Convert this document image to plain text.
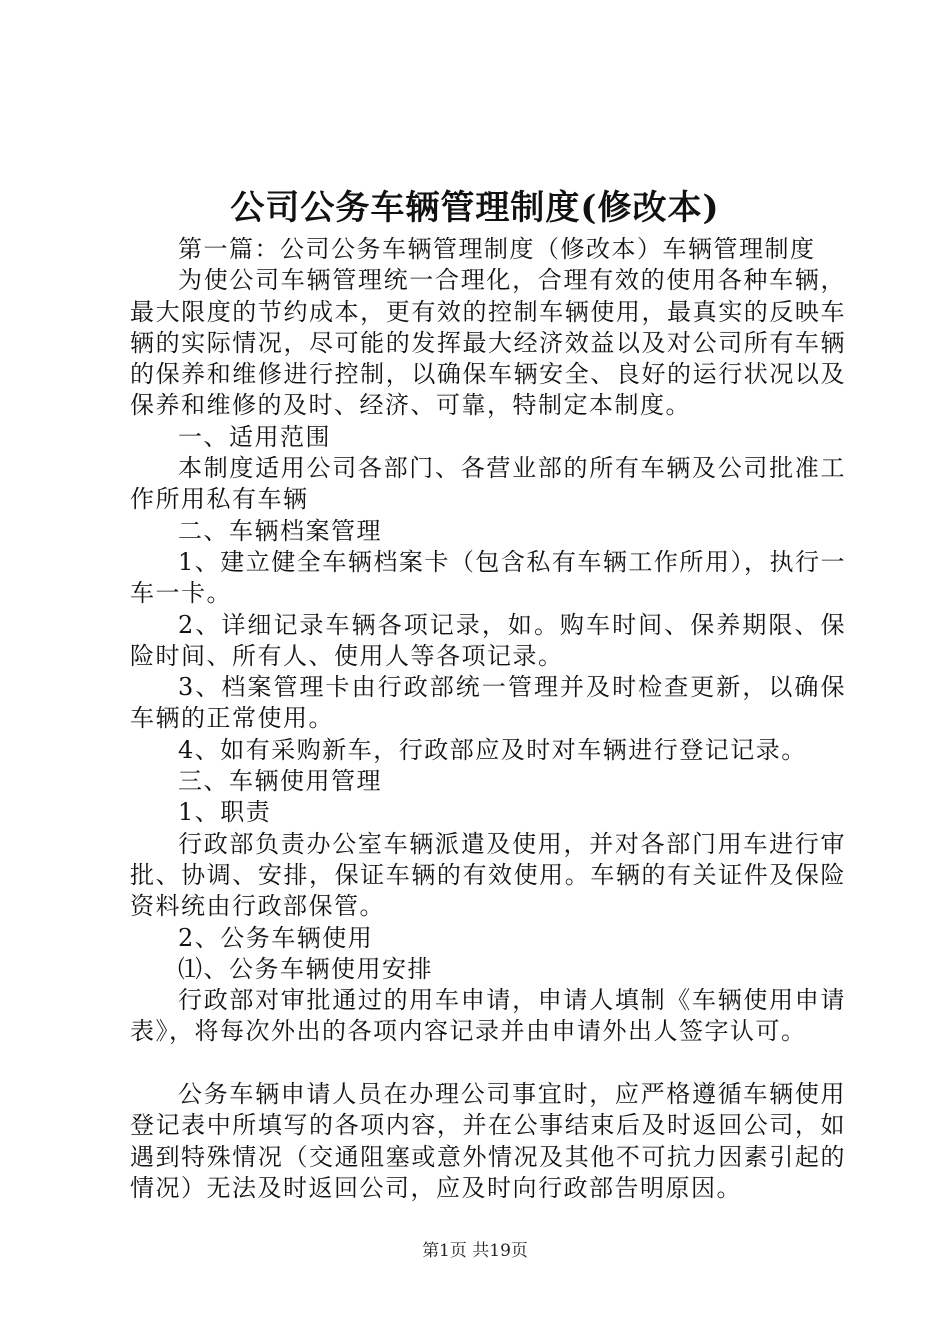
公司公务车辆管理制度(修改本)

第一篇：公司公务车辆管理制度（修改本）车辆管理制度

为使公司车辆管理统一合理化，合理有效的使用各种车辆，最大限度的节约成本，更有效的控制车辆使用，最真实的反映车辆的实际情况，尽可能的发挥最大经济效益以及对公司所有车辆的保养和维修进行控制，以确保车辆安全、良好的运行状况以及保养和维修的及时、经济、可靠，特制定本制度。

一、适用范围

本制度适用公司各部门、各营业部的所有车辆及公司批准工作所用私有车辆

二、车辆档案管理

1、建立健全车辆档案卡（包含私有车辆工作所用），执行一车一卡。

2、详细记录车辆各项记录，如。购车时间、保养期限、保险时间、所有人、使用人等各项记录。

3、档案管理卡由行政部统一管理并及时检查更新，以确保车辆的正常使用。

4、如有采购新车，行政部应及时对车辆进行登记记录。

三、车辆使用管理

1、职责

行政部负责办公室车辆派遣及使用，并对各部门用车进行审批、协调、安排，保证车辆的有效使用。车辆的有关证件及保险资料统由行政部保管。

2、公务车辆使用

⑴、公务车辆使用安排

行政部对审批通过的用车申请，申请人填制《车辆使用申请表》，将每次外出的各项内容记录并由申请外出人签字认可。

公务车辆申请人员在办理公司事宜时，应严格遵循车辆使用登记表中所填写的各项内容，并在公事结束后及时返回公司，如遇到特殊情况（交通阻塞或意外情况及其他不可抗力因素引起的情况）无法及时返回公司，应及时向行政部告明原因。

第1页 共19页
